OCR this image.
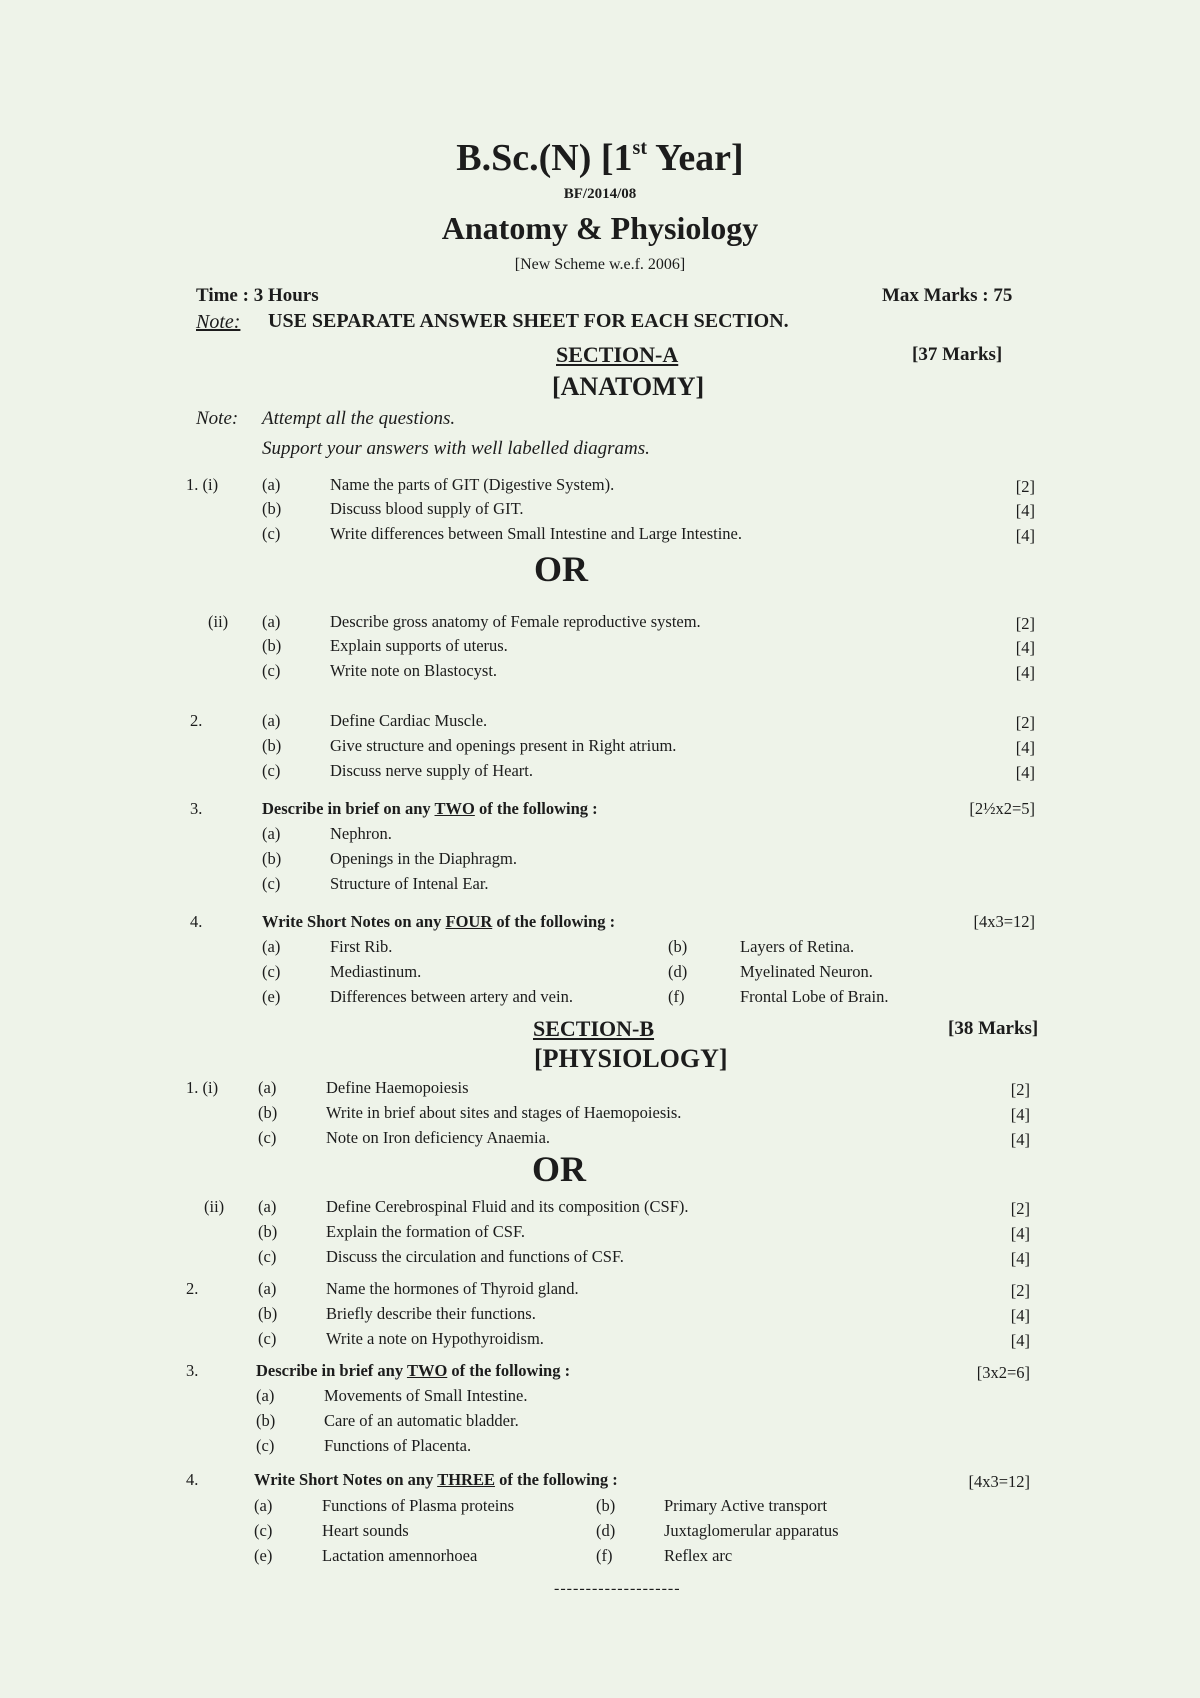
B.Sc.(N) [1st Year]
BF/2014/08
Anatomy & Physiology
[New Scheme w.e.f. 2006]
Time : 3 Hours	Max Marks : 75
Note: USE SEPARATE ANSWER SHEET FOR EACH SECTION.
SECTION-A	[37 Marks]
[ANATOMY]
Note: Attempt all the questions.
Support your answers with well labelled diagrams.
1. (i)	(a)	Name the parts of GIT (Digestive System).	[2]
(b)	Discuss blood supply of GIT.	[4]
(c)	Write differences between Small Intestine and Large Intestine.	[4]
OR
(ii) (a)	Describe gross anatomy of Female reproductive system.	[2]
(b)	Explain supports of uterus.	[4]
(c)	Write note on Blastocyst.	[4]
2.	(a)	Define Cardiac Muscle.	[2]
(b)	Give structure and openings present in Right atrium.	[4]
(c)	Discuss nerve supply of Heart.	[4]
3.	Describe in brief on any TWO of the following :	[2½x2=5]
(a)	Nephron.
(b)	Openings in the Diaphragm.
(c)	Structure of Intenal Ear.
4.	Write Short Notes on any FOUR of the following :	[4x3=12]
(a)	First Rib.	(b)	Layers of Retina.
(c)	Mediastinum.	(d)	Myelinated Neuron.
(e)	Differences between artery and vein.	(f)	Frontal Lobe of Brain.
SECTION-B	[38 Marks]
[PHYSIOLOGY]
1. (i) (a)	Define Haemopoiesis	[2]
(b)	Write in brief about sites and stages of Haemopoiesis.	[4]
(c)	Note on Iron deficiency Anaemia.	[4]
OR
(ii) (a)	Define Cerebrospinal Fluid and its composition (CSF).	[2]
(b)	Explain the formation of CSF.	[4]
(c)	Discuss the circulation and functions of CSF.	[4]
2.	(a)	Name the hormones of Thyroid gland.	[2]
(b)	Briefly describe their functions.	[4]
(c)	Write a note on Hypothyroidism.	[4]
3.	Describe in brief any TWO of the following :	[3x2=6]
(a)	Movements of Small Intestine.
(b)	Care of an automatic bladder.
(c)	Functions of Placenta.
4.	Write Short Notes on any THREE of the following :	[4x3=12]
(a)	Functions of Plasma proteins	(b)	Primary Active transport
(c)	Heart sounds	(d)	Juxtaglomerular apparatus
(e)	Lactation amennorhoea	(f)	Reflex arc
--------------------
